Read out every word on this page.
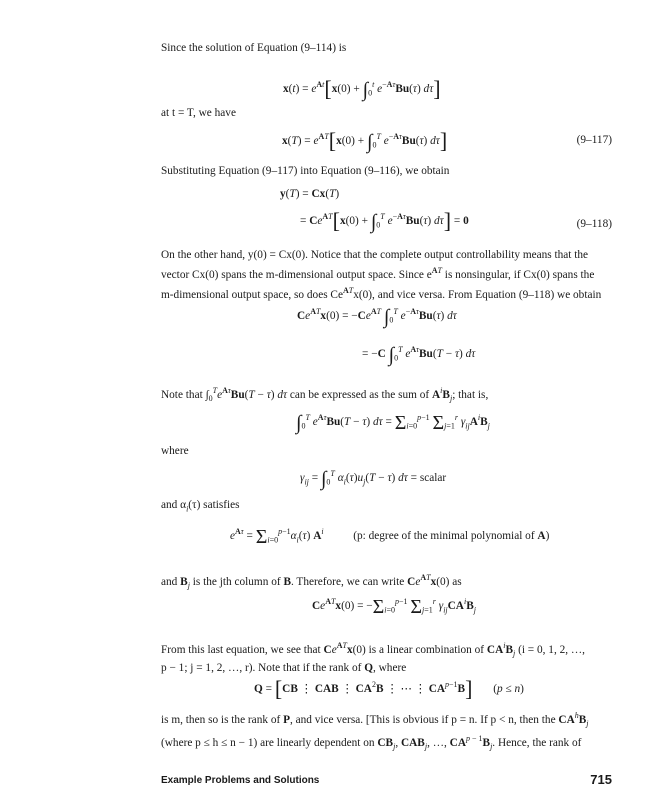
Since the solution of Equation (9–114) is
$x(t) = e^{At}[x(0) + \int_0^t$ $e^{-A\tau}Bu(\tau)$ dτ]
at t = T, we have
$x(T) = e^{AT}[x(0) + \int_0^T$ $e^{-A\tau}Bu(\tau)$ dτ]	(9–117)
Substituting Equation (9–117) into Equation (9–116), we obtain
y(T) = Cx(T)
= $Ce^{AT}[x(0) + \int_0^T$ $e^{-A\tau}Bu(\tau) d\tau] = 0$	(9–118)
On the other hand, y(0) = Cx(0). Notice that the complete output controllability means that the
vector Cx(0) spans the m-dimensional output space. Since $e^{AT}$ is nonsingular, if Cx(0) spans the
m-dimensional output space, so does $Ce^{AT}x(0)$, and vice versa. From Equation (9–118) we obtain
$Ce^{AT}x(0) = -Ce^{AT}$ $\int_0^T$ $e^{-A\tau}Bu(\tau)$ dτ
= −C $\int_0^T$ $e^{A\tau}Bu(T - \tau)$ dτ
Note that $\int_0^Te^{A\tau}Bu(T - \tau)$ dτ can be expressed as the sum of $A^iB_j$; that is,
$\int_0^T$ $e^{A\tau}Bu(T - \tau) d\tau = \Sigma_{i=0}^{p-1}$ $\Sigma_{j=1}^r$ $\gamma_{ij}A^iB_j$
where
$\gamma_{ij} = \int_0^T$ $\alpha_i(\tau)u_j(T - \tau) d\tau$ = scalar
and $\alpha_i(\tau)$ satisfies
$e^{A\tau} = \Sigma_{i=0}^{p-1}\alpha_i(\tau)$ $A^i$	(p: degree of the minimal polynomial of A)
and $B_j$ is the jth column of B. Therefore, we can write $Ce^{AT}x(0)$ as
$Ce^{AT}x(0) = -\Sigma_{i=0}^{p-1}$ $\Sigma_{j=1}^r$ $\gamma_{ij}CA^iB_j$
From this last equation, we see that $Ce^{AT}x(0)$ is a linear combination of $CA^iB_j$ (i = 0, 1, 2, …,
p − 1; j = 1, 2, …, r). Note that if the rank of Q, where
Q = [CB ⋮ CAB ⋮ $CA^2B$ ⋮ ⋯ ⋮ $CA^{p-1}B$] (p ≤ n)
is m, then so is the rank of P, and vice versa. [This is obvious if p = n. If p < n, then the $CA^hB_j$
(where p ≤ h ≤ n − 1) are linearly dependent on $CB_j$, $CAB_j$, …, $CA^{p - 1}B_j$. Hence, the rank of
Example Problems and Solutions	715
